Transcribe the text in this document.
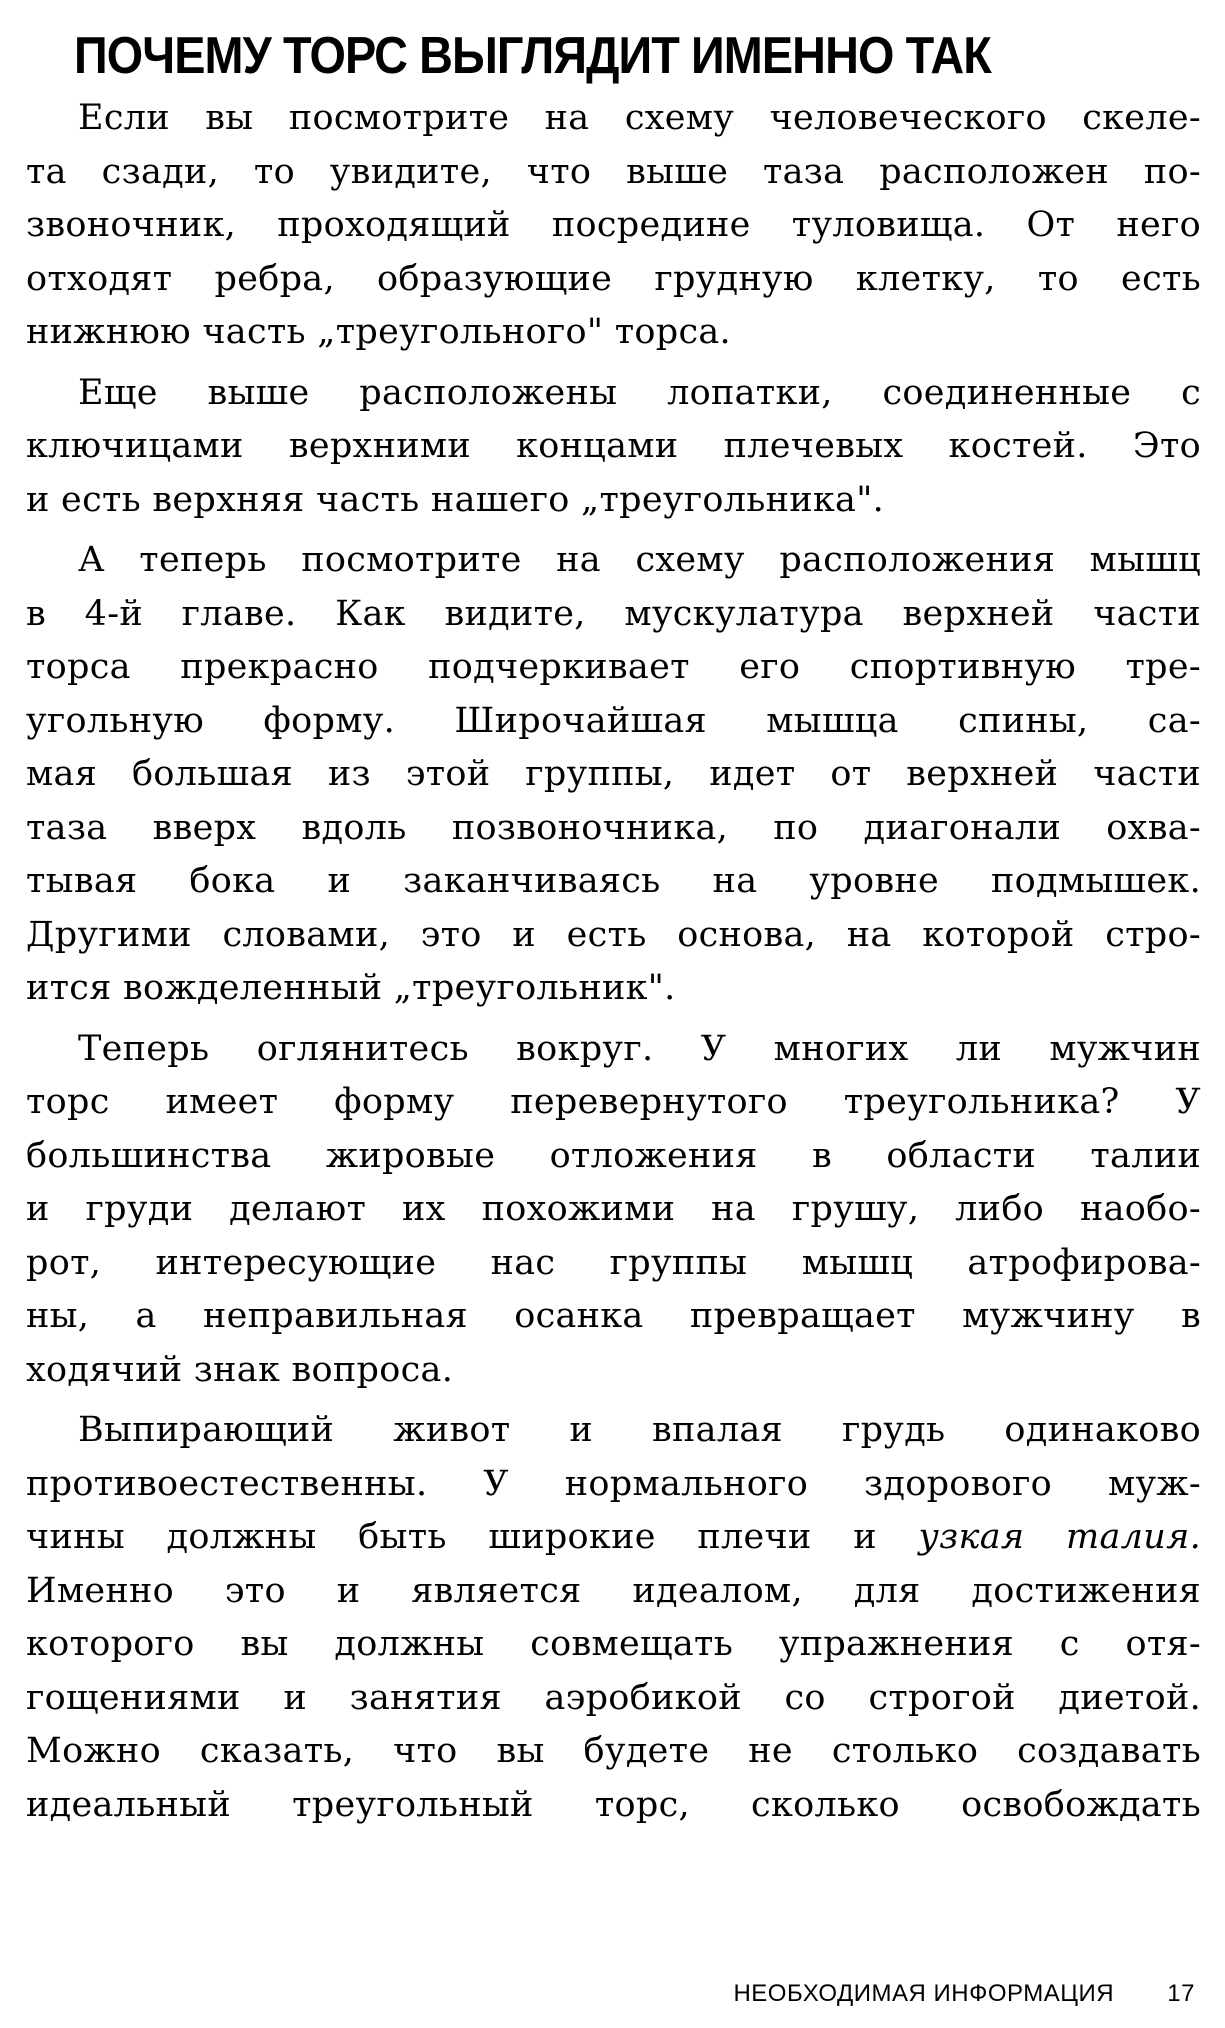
ПОЧЕМУ ТОРС ВЫГЛЯДИТ ИМЕННО ТАК
Если вы посмотрите на схему человеческого скеле-
та сзади, то увидите, что выше таза расположен по-
звоночник, проходящий посредине туловища. От него
отходят ребра, образующие грудную клетку, то есть
нижнюю часть „треугольного" торса.
Еще выше расположены лопатки, соединенные с
ключицами верхними концами плечевых костей. Это
и есть верхняя часть нашего „треугольника".
А теперь посмотрите на схему расположения мышц
в 4-й главе. Как видите, мускулатура верхней части
торса прекрасно подчеркивает его спортивную тре-
угольную форму. Широчайшая мышца спины, са-
мая большая из этой группы, идет от верхней части
таза вверх вдоль позвоночника, по диагонали охва-
тывая бока и заканчиваясь на уровне подмышек.
Другими словами, это и есть основа, на которой стро-
ится вожделенный „треугольник".
Теперь оглянитесь вокруг. У многих ли мужчин
торс имеет форму перевернутого треугольника? У
большинства жировые отложения в области талии
и груди делают их похожими на грушу, либо наобо-
рот, интересующие нас группы мышц атрофирова-
ны, а неправильная осанка превращает мужчину в
ходячий знак вопроса.
Выпирающий живот и впалая грудь одинаково
противоестественны. У нормального здорового муж-
чины должны быть широкие плечи и узкая талия.
Именно это и является идеалом, для достижения
которого вы должны совмещать упражнения с отя-
гощениями и занятия аэробикой со строгой диетой.
Можно сказать, что вы будете не столько создавать
идеальный треугольный торс, сколько освобождать
НЕОБХОДИМАЯ ИНФОРМАЦИЯ 17
